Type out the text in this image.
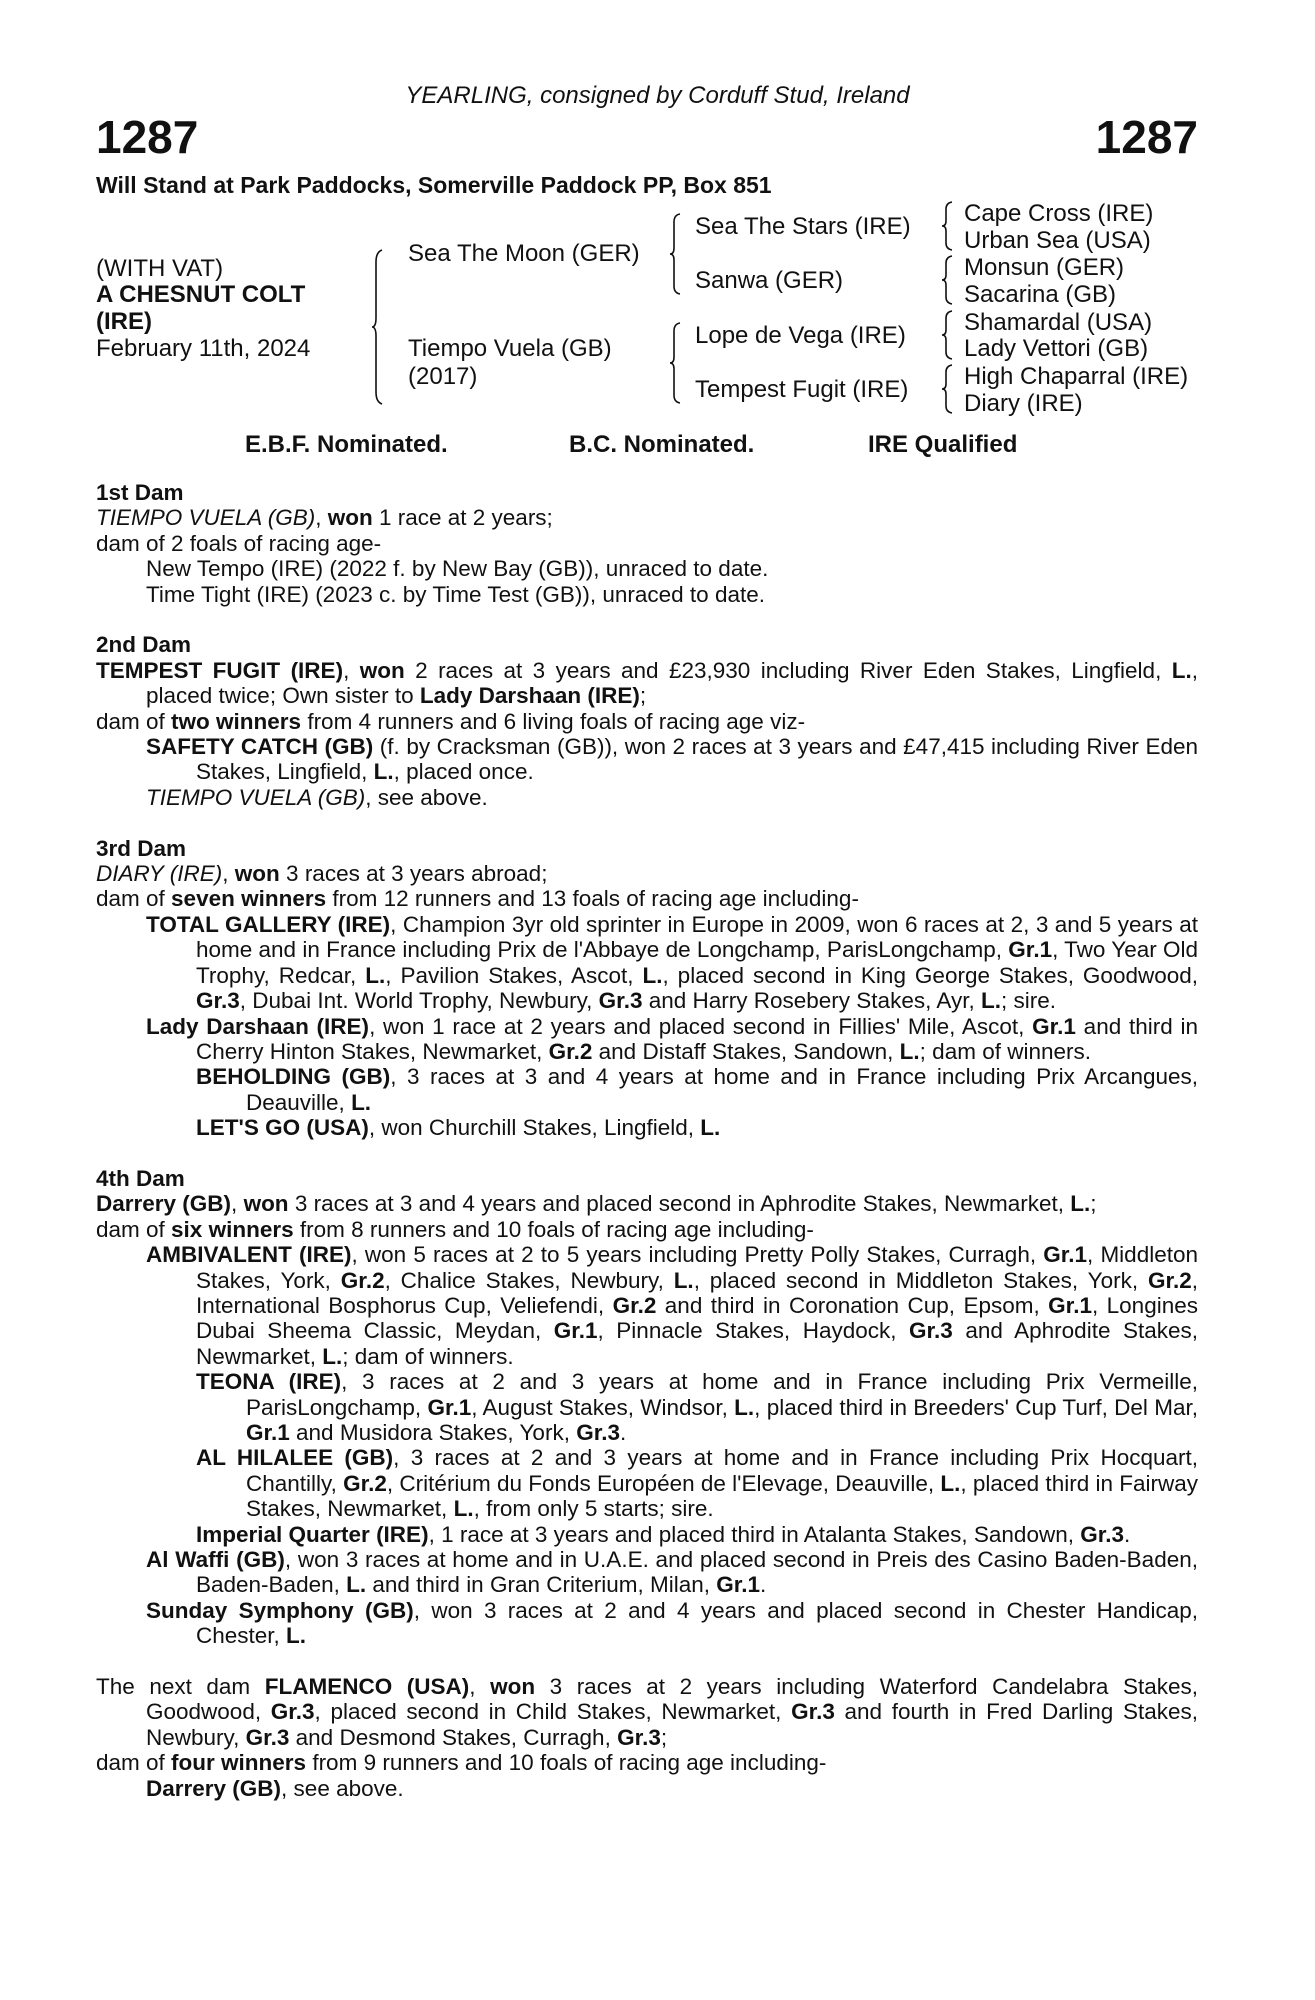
YEARLING, consigned by Corduff Stud, Ireland
1287	1287
Will Stand at Park Paddocks, Somerville Paddock PP, Box 851
(WITH VAT)
A CHESNUT COLT
(IRE)
February 11th, 2024
Sea The Moon (GER)
Tiempo Vuela (GB)
(2017)
Sea The Stars (IRE)
Sanwa (GER)
Lope de Vega (IRE)
Tempest Fugit (IRE)
Cape Cross (IRE)
Urban Sea (USA)
Monsun (GER)
Sacarina (GB)
Shamardal (USA)
Lady Vettori (GB)
High Chaparral (IRE)
Diary (IRE)
E.B.F. Nominated.	B.C. Nominated.	IRE Qualified
1st Dam
TIEMPO VUELA (GB), won 1 race at 2 years;
dam of 2 foals of racing age-
New Tempo (IRE) (2022 f. by New Bay (GB)), unraced to date.
Time Tight (IRE) (2023 c. by Time Test (GB)), unraced to date.
2nd Dam
TEMPEST FUGIT (IRE), won 2 races at 3 years and £23,930 including River Eden Stakes, Lingfield, L., placed twice; Own sister to Lady Darshaan (IRE);
dam of two winners from 4 runners and 6 living foals of racing age viz-
SAFETY CATCH (GB) (f. by Cracksman (GB)), won 2 races at 3 years and £47,415 including River Eden Stakes, Lingfield, L., placed once.
TIEMPO VUELA (GB), see above.
3rd Dam
DIARY (IRE), won 3 races at 3 years abroad;
dam of seven winners from 12 runners and 13 foals of racing age including-
TOTAL GALLERY (IRE), Champion 3yr old sprinter in Europe in 2009, won 6 races at 2, 3 and 5 years at home and in France including Prix de l'Abbaye de Longchamp, ParisLongchamp, Gr.1, Two Year Old Trophy, Redcar, L., Pavilion Stakes, Ascot, L., placed second in King George Stakes, Goodwood, Gr.3, Dubai Int. World Trophy, Newbury, Gr.3 and Harry Rosebery Stakes, Ayr, L.; sire.
Lady Darshaan (IRE), won 1 race at 2 years and placed second in Fillies' Mile, Ascot, Gr.1 and third in Cherry Hinton Stakes, Newmarket, Gr.2 and Distaff Stakes, Sandown, L.; dam of winners.
BEHOLDING (GB), 3 races at 3 and 4 years at home and in France including Prix Arcangues, Deauville, L.
LET'S GO (USA), won Churchill Stakes, Lingfield, L.
4th Dam
Darrery (GB), won 3 races at 3 and 4 years and placed second in Aphrodite Stakes, Newmarket, L.;
dam of six winners from 8 runners and 10 foals of racing age including-
AMBIVALENT (IRE), won 5 races at 2 to 5 years including Pretty Polly Stakes, Curragh, Gr.1, Middleton Stakes, York, Gr.2, Chalice Stakes, Newbury, L., placed second in Middleton Stakes, York, Gr.2, International Bosphorus Cup, Veliefendi, Gr.2 and third in Coronation Cup, Epsom, Gr.1, Longines Dubai Sheema Classic, Meydan, Gr.1, Pinnacle Stakes, Haydock, Gr.3 and Aphrodite Stakes, Newmarket, L.; dam of winners.
TEONA (IRE), 3 races at 2 and 3 years at home and in France including Prix Vermeille, ParisLongchamp, Gr.1, August Stakes, Windsor, L., placed third in Breeders' Cup Turf, Del Mar, Gr.1 and Musidora Stakes, York, Gr.3.
AL HILALEE (GB), 3 races at 2 and 3 years at home and in France including Prix Hocquart, Chantilly, Gr.2, Critérium du Fonds Européen de l'Elevage, Deauville, L., placed third in Fairway Stakes, Newmarket, L., from only 5 starts; sire.
Imperial Quarter (IRE), 1 race at 3 years and placed third in Atalanta Stakes, Sandown, Gr.3.
Al Waffi (GB), won 3 races at home and in U.A.E. and placed second in Preis des Casino Baden-Baden, Baden-Baden, L. and third in Gran Criterium, Milan, Gr.1.
Sunday Symphony (GB), won 3 races at 2 and 4 years and placed second in Chester Handicap, Chester, L.
The next dam FLAMENCO (USA), won 3 races at 2 years including Waterford Candelabra Stakes, Goodwood, Gr.3, placed second in Child Stakes, Newmarket, Gr.3 and fourth in Fred Darling Stakes, Newbury, Gr.3 and Desmond Stakes, Curragh, Gr.3;
dam of four winners from 9 runners and 10 foals of racing age including-
Darrery (GB), see above.
